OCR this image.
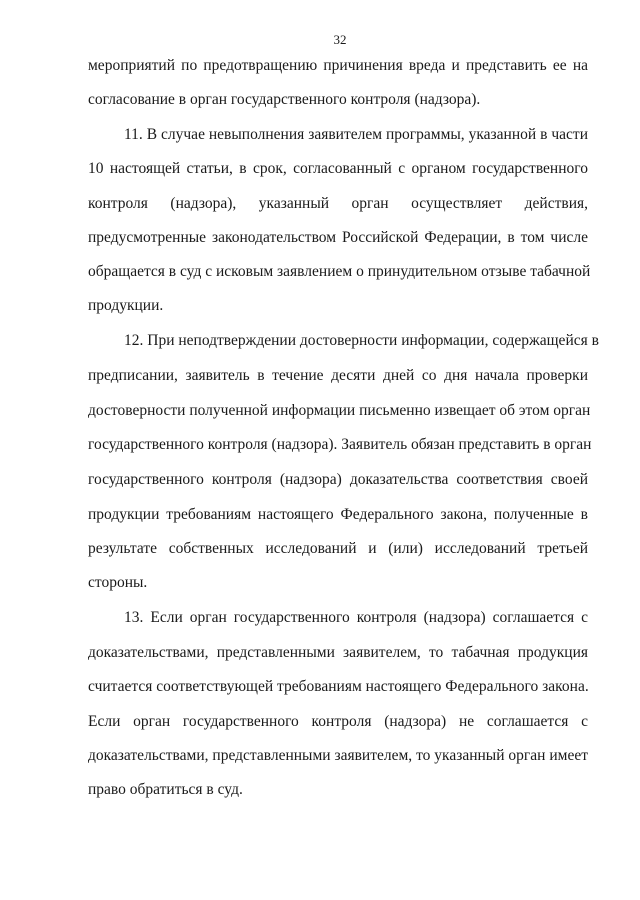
32
мероприятий по предотвращению причинения вреда и представить ее на
согласование в орган государственного контроля (надзора).
11. В случае невыполнения заявителем программы, указанной в части
10 настоящей статьи, в срок, согласованный с органом государственного
контроля (надзора), указанный орган осуществляет действия,
предусмотренные законодательством Российской Федерации, в том числе
обращается в суд с исковым заявлением о принудительном отзыве табачной
продукции.
12. При неподтверждении достоверности информации, содержащейся в
предписании, заявитель в течение десяти дней со дня начала проверки
достоверности полученной информации письменно извещает об этом орган
государственного контроля (надзора). Заявитель обязан представить в орган
государственного контроля (надзора) доказательства соответствия своей
продукции требованиям настоящего Федерального закона, полученные в
результате собственных исследований и (или) исследований третьей
стороны.
13. Если орган государственного контроля (надзора) соглашается с
доказательствами, представленными заявителем, то табачная продукция
считается соответствующей требованиям настоящего Федерального закона.
Если орган государственного контроля (надзора) не соглашается с
доказательствами, представленными заявителем, то указанный орган имеет
право обратиться в суд.
